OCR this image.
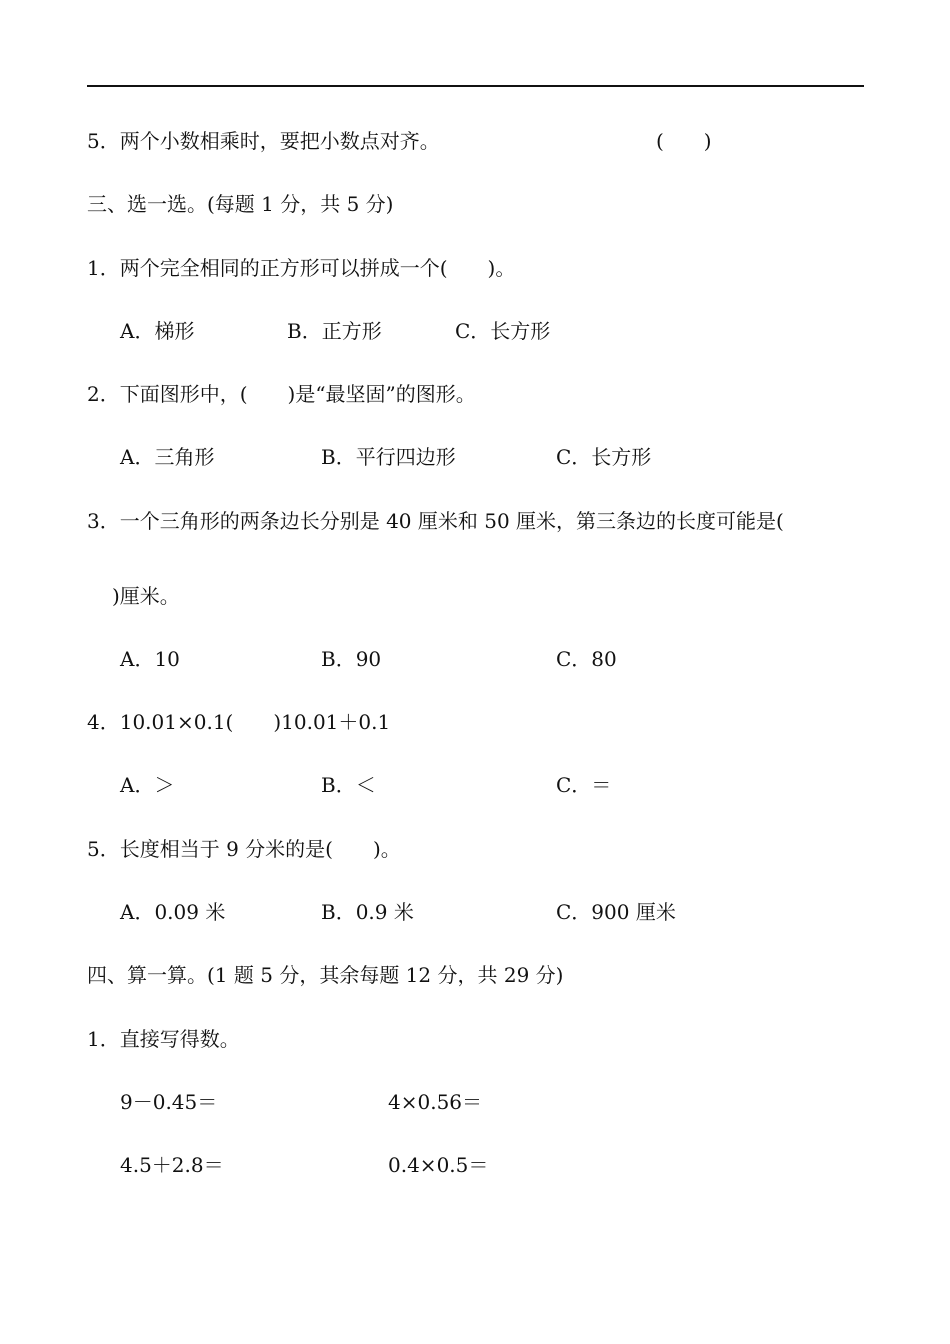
5．两个小数相乘时，要把小数点对齐。	(　　)
三、选一选。(每题 1 分，共 5 分)
1．两个完全相同的正方形可以拼成一个(　　)。
A．梯形	B．正方形	C．长方形
2．下面图形中，(　　)是“最坚固”的图形。
A．三角形	B．平行四边形	C．长方形
3．一个三角形的两条边长分别是 40 厘米和 50 厘米，第三条边的长度可能是(
)厘米。
A．10	B．90	C．80
4．10.01×0.1(　　)10.01＋0.1
A．＞	B．＜	C．＝
5．长度相当于 9 分米的是(　　)。
A．0.09 米	B．0.9 米	C．900 厘米
四、算一算。(1 题 5 分，其余每题 12 分，共 29 分)
1．直接写得数。
9－0.45＝	4×0.56＝
4.5＋2.8＝	0.4×0.5＝
